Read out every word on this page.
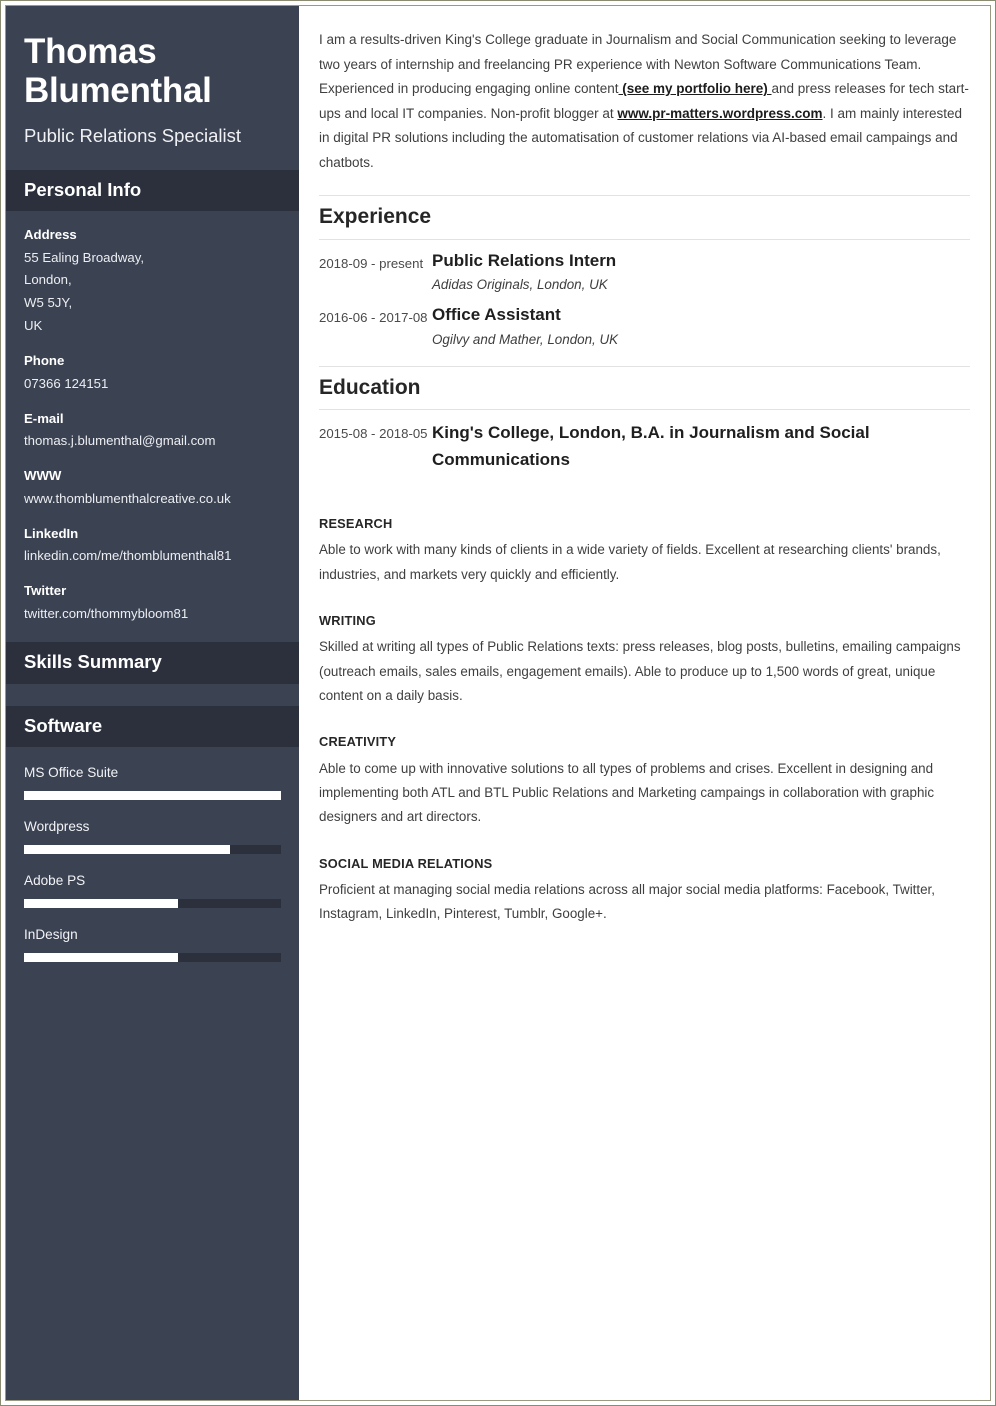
Thomas Blumenthal
Public Relations Specialist
Personal Info
Address
55 Ealing Broadway,
London,
W5 5JY,
UK
Phone
07366 124151
E-mail
thomas.j.blumenthal@gmail.com
WWW
www.thomblumenthalcreative.co.uk
LinkedIn
linkedin.com/me/thomblumenthal81
Twitter
twitter.com/thommybloom81
Skills Summary
Software
MS Office Suite
Wordpress
Adobe PS
InDesign

I am a results-driven King's College graduate in Journalism and Social Communication seeking to leverage two years of internship and freelancing PR experience with Newton Software Communications Team. Experienced in producing engaging online content (see my portfolio here) and press releases for tech start-ups and local IT companies. Non-profit blogger at www.pr-matters.wordpress.com. I am mainly interested in digital PR solutions including the automatisation of customer relations via AI-based email campaings and chatbots.

Experience
2018-09 - present Public Relations Intern
Adidas Originals, London, UK
2016-06 - 2017-08 Office Assistant
Ogilvy and Mather, London, UK
Education
2015-08 - 2018-05 King's College, London, B.A. in Journalism and Social Communications
RESEARCH
Able to work with many kinds of clients in a wide variety of fields. Excellent at researching clients' brands, industries, and markets very quickly and efficiently.
WRITING
Skilled at writing all types of Public Relations texts: press releases, blog posts, bulletins, emailing campaigns (outreach emails, sales emails, engagement emails). Able to produce up to 1,500 words of great, unique content on a daily basis.
CREATIVITY
Able to come up with innovative solutions to all types of problems and crises. Excellent in designing and implementing both ATL and BTL Public Relations and Marketing campaings in collaboration with graphic designers and art directors.
SOCIAL MEDIA RELATIONS
Proficient at managing social media relations across all major social media platforms: Facebook, Twitter, Instagram, LinkedIn, Pinterest, Tumblr, Google+.
